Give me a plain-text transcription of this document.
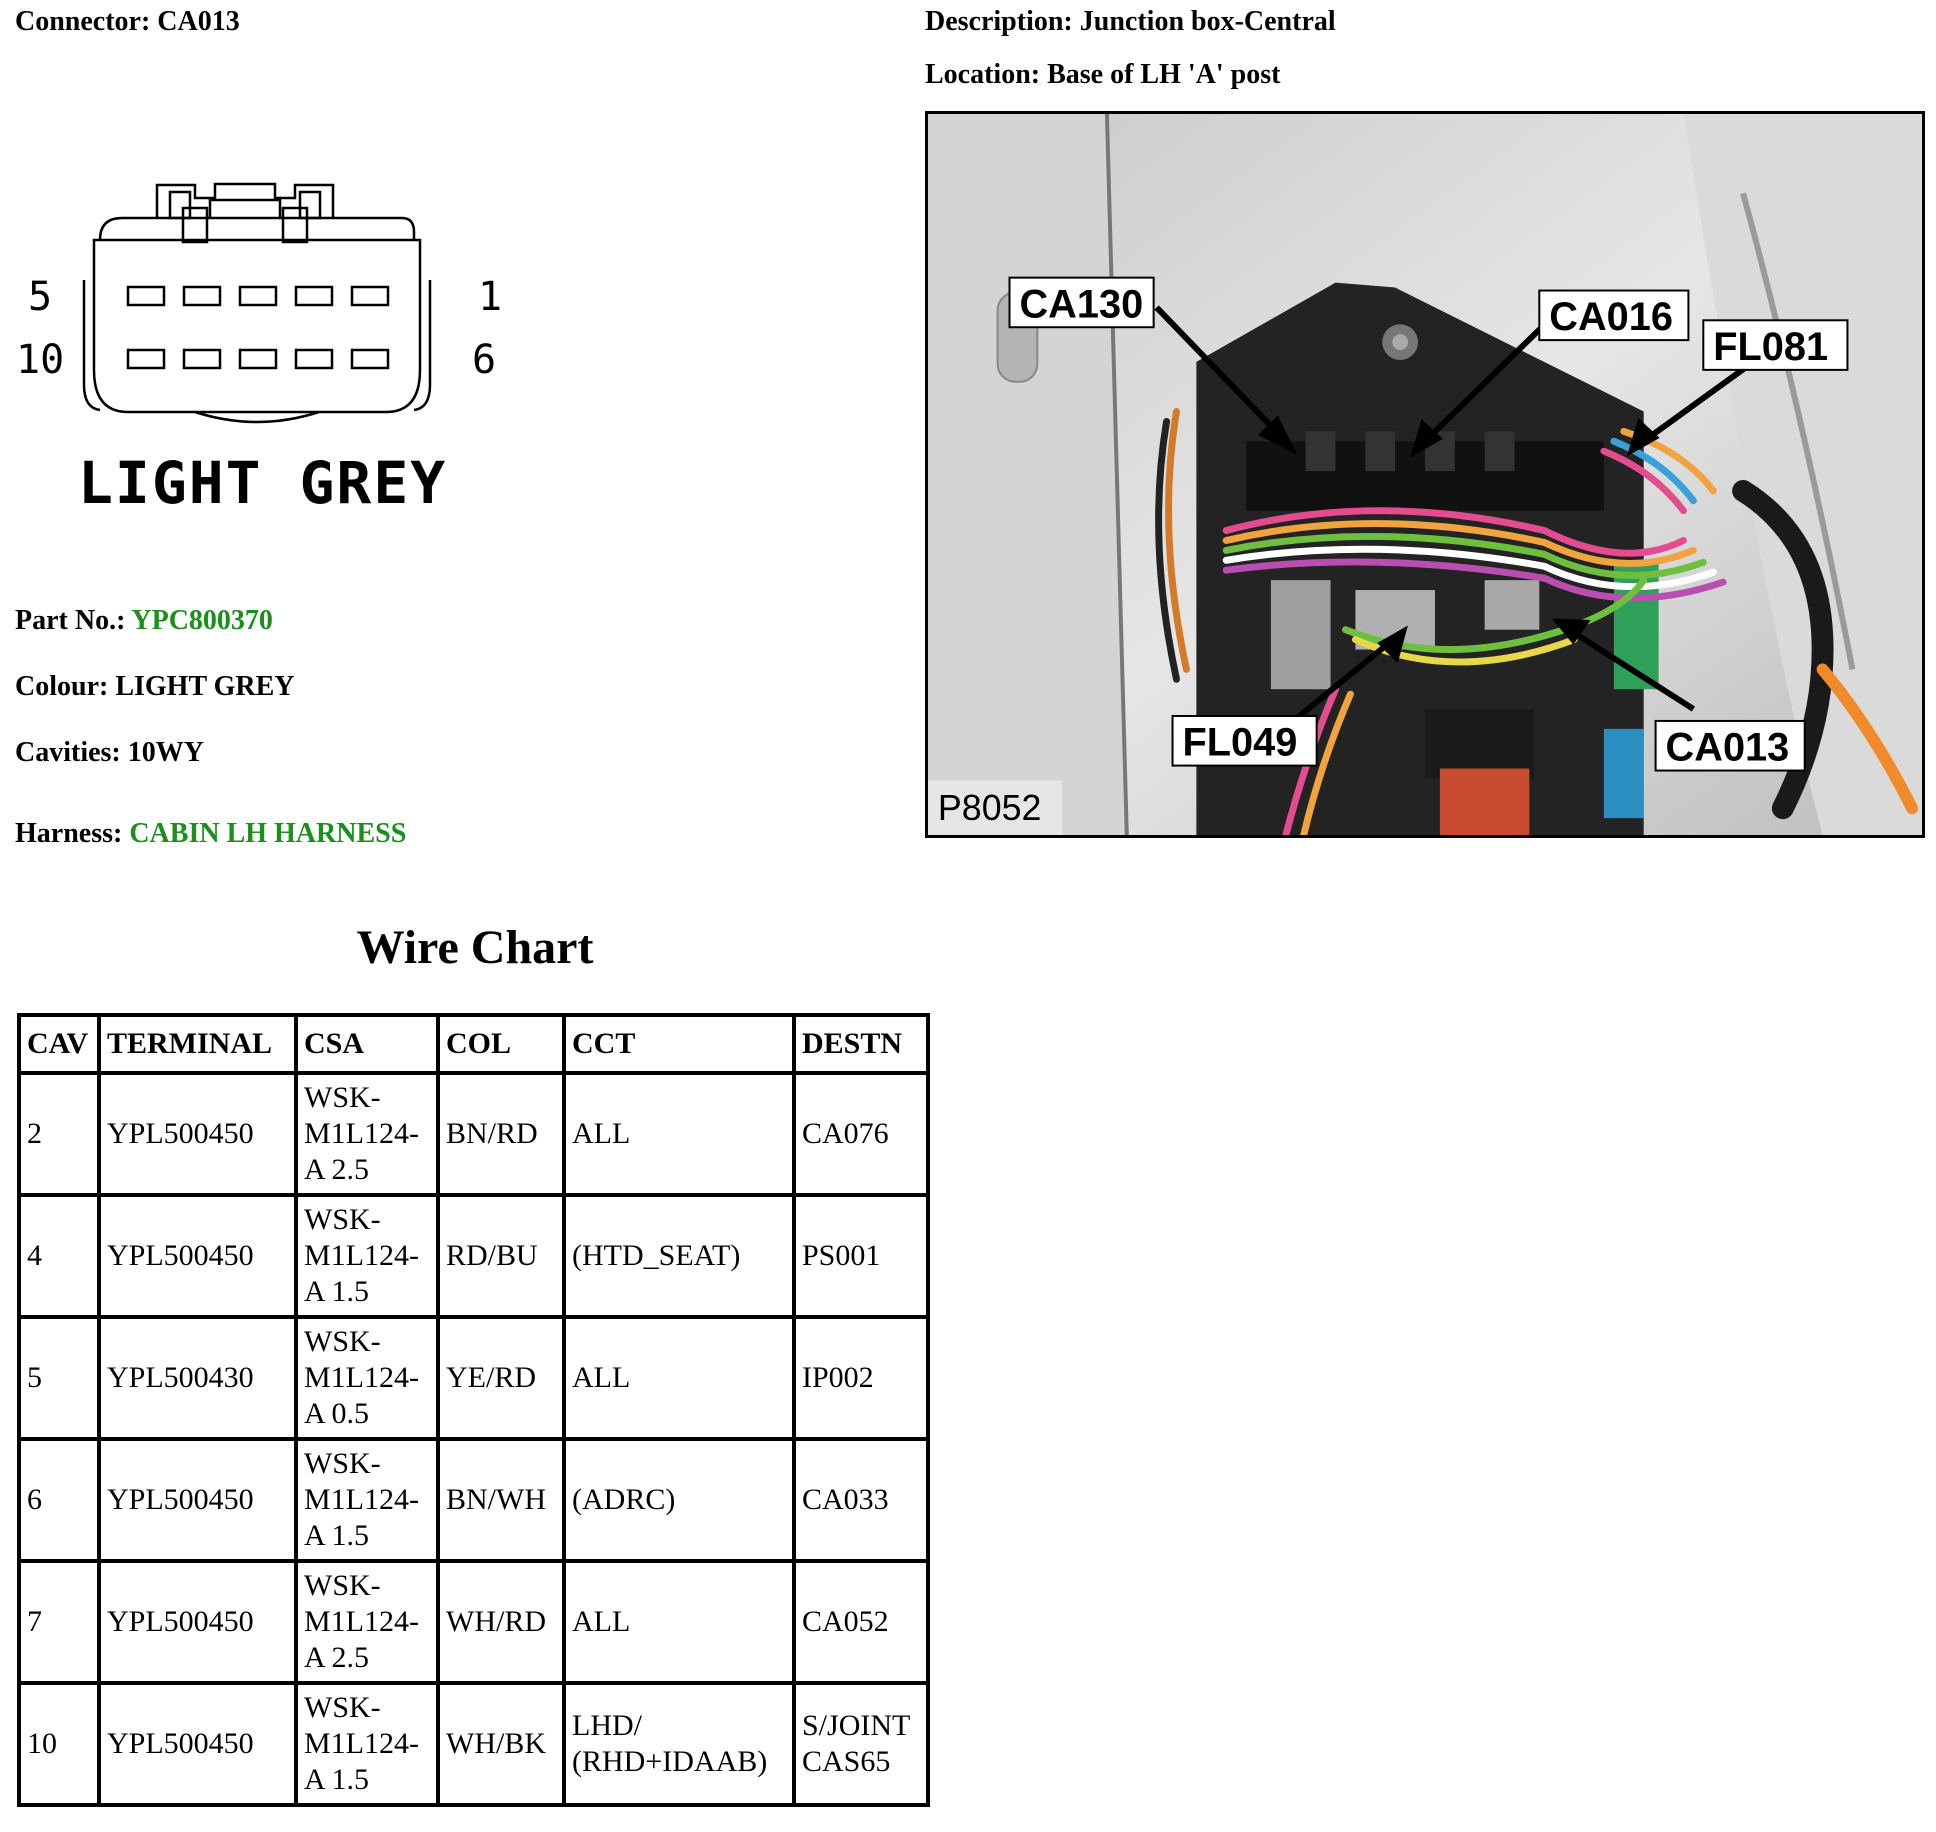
Connector: CA013	Description: Junction box-Central
Location: Base of LH 'A' post
5
10
1
6
LIGHT GREY
Part No.: YPC800370
Colour: LIGHT GREY
Cavities: 10WY
Harness: CABIN LH HARNESS
CA130	CA016
FL081
FL049	CA013
P8052
Wire Chart
CAV	TERMINAL	CSA	COL	CCT	DESTN
2	YPL500450	WSK-
M1L124-
A 2.5	BN/RD	ALL	CA076

4	YPL500450	WSK-
M1L124-
A 1.5	RD/BU	(HTD_SEAT)	PS001

5	YPL500430	WSK-
M1L124-
A 0.5	YE/RD	ALL	IP002

6	YPL500450	WSK-
M1L124-
A 1.5	BN/WH	(ADRC)	CA033

7	YPL500450	WSK-
M1L124-
A 2.5	WH/RD	ALL	CA052

10	YPL500450	WSK-
M1L124-
A 1.5	WH/BK	LHD/
(RHD+IDAAB)	S/JOINT
CAS65
